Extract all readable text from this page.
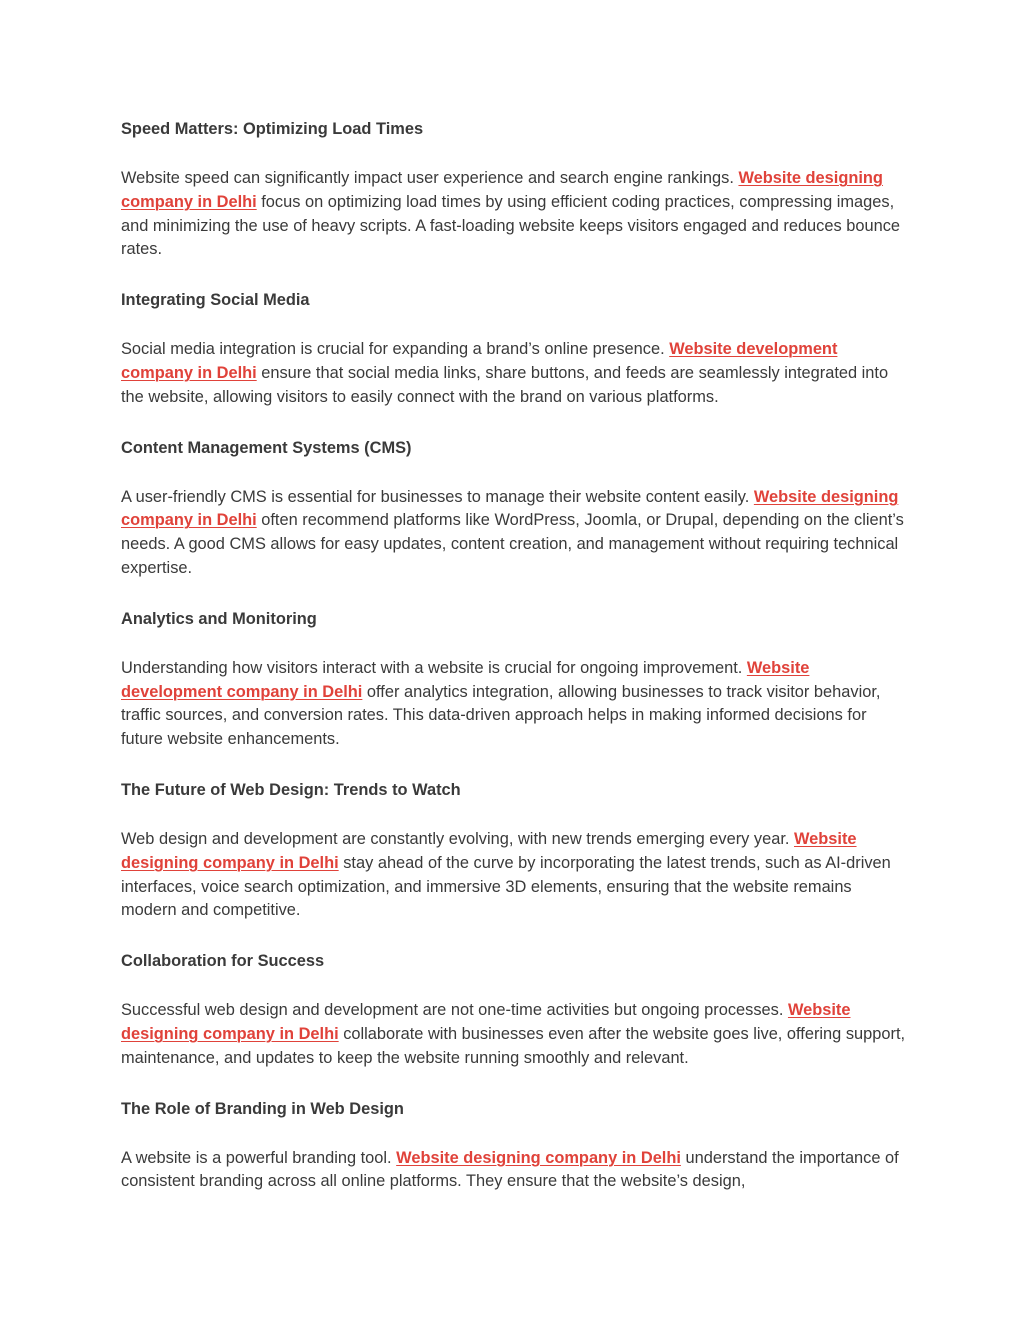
Speed Matters: Optimizing Load Times

Website speed can significantly impact user experience and search engine rankings. Website designing company in Delhi focus on optimizing load times by using efficient coding practices, compressing images, and minimizing the use of heavy scripts. A fast-loading website keeps visitors engaged and reduces bounce rates.

Integrating Social Media

Social media integration is crucial for expanding a brand’s online presence. Website development company in Delhi ensure that social media links, share buttons, and feeds are seamlessly integrated into the website, allowing visitors to easily connect with the brand on various platforms.

Content Management Systems (CMS)

A user-friendly CMS is essential for businesses to manage their website content easily. Website designing company in Delhi often recommend platforms like WordPress, Joomla, or Drupal, depending on the client’s needs. A good CMS allows for easy updates, content creation, and management without requiring technical expertise.

Analytics and Monitoring

Understanding how visitors interact with a website is crucial for ongoing improvement. Website development company in Delhi offer analytics integration, allowing businesses to track visitor behavior, traffic sources, and conversion rates. This data-driven approach helps in making informed decisions for future website enhancements.

The Future of Web Design: Trends to Watch

Web design and development are constantly evolving, with new trends emerging every year. Website designing company in Delhi stay ahead of the curve by incorporating the latest trends, such as AI-driven interfaces, voice search optimization, and immersive 3D elements, ensuring that the website remains modern and competitive.

Collaboration for Success

Successful web design and development are not one-time activities but ongoing processes. Website designing company in Delhi collaborate with businesses even after the website goes live, offering support, maintenance, and updates to keep the website running smoothly and relevant.

The Role of Branding in Web Design

A website is a powerful branding tool. Website designing company in Delhi understand the importance of consistent branding across all online platforms. They ensure that the website’s design,
